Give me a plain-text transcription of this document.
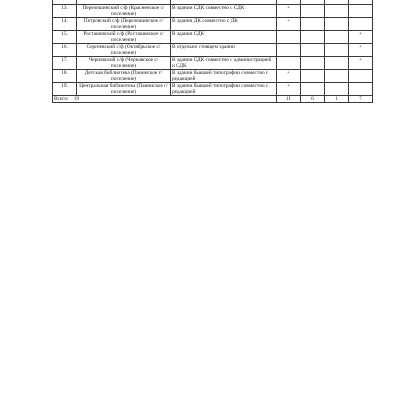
13.	Перелешинский с/ф (Красненское с/поселение)	В здании СДК совместно с СДК	+			
14.	Петровский с/ф (Перелешинское г/поселение)	В здании ДК совместно с ДК	+			
15.	Росташевский с/ф (Росташевское с/поселение)	В здании СДК				+
16.	Сергеевский с/ф (Октябрьское с/поселение)	В отдельно стоящем здании				+
17.	Чернавский с/ф (Чернавское с/поселение)	В здании СДК совместно с администрацией и СДК				+
18.	Детская библиотека (Панинское г/поселение)	В здании бывшей типографии совместно с редакцией	+			
19.	Центральная библиотека (Панинское г/поселение)	В здании бывшей типографии совместно с редакцией	+			
Всего: 19			11	0	1	7
